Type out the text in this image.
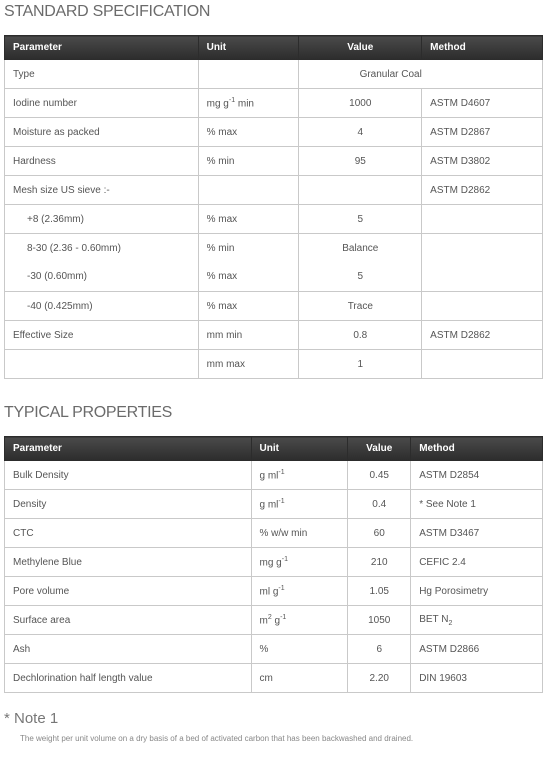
STANDARD SPECIFICATION
Parameter	Unit	Value	Method
Type		Granular Coal	
Iodine number	mg $g^{-1}$ min	1000	ASTM D4607
Moisture as packed	% max	4	ASTM D2867
Hardness	% min	95	ASTM D3802
Mesh size US sieve :-			ASTM D2862
+8 (2.36mm)	% max	5	
8-30 (2.36 - 0.60mm)	% min	Balance	
-30 (0.60mm)	% max	5	
-40 (0.425mm)	% max	Trace	
Effective Size	mm min	0.8	ASTM D2862
	mm max	1	
TYPICAL PROPERTIES
Parameter	Unit	Value	Method
Bulk Density	g $ml^{-1}$	0.45	ASTM D2854
Density	g $ml^{-1}$	0.4	* See Note 1
CTC	% w/w min	60	ASTM D3467
Methylene Blue	mg $g^{-1}$	210	CEFIC 2.4
Pore volume	ml $g^{-1}$	1.05	Hg Porosimetry
Surface area	$m^2$ $g^{-1}$	1050	BET $N_2$
Ash	%	6	ASTM D2866
Dechlorination half length value	cm	2.20	DIN 19603
* Note 1
The weight per unit volume on a dry basis of a bed of activated carbon that has been backwashed and drained.
